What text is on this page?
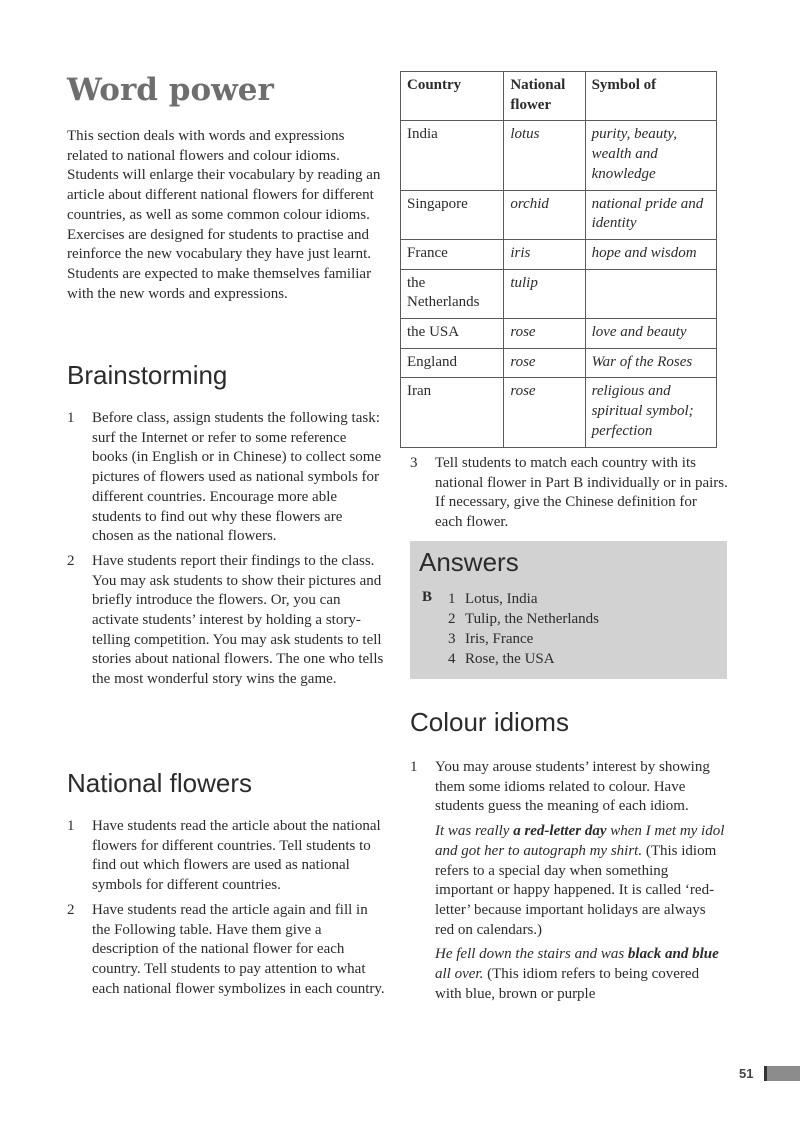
Word power

This section deals with words and expressions related to national flowers and colour idioms. Students will enlarge their vocabulary by reading an article about different national flowers for different countries, as well as some common colour idioms. Exercises are designed for students to practise and reinforce the new vocabulary they have just learnt. Students are expected to make themselves familiar with the new words and expressions.

Brainstorming
1 Before class, assign students the following task: surf the Internet or refer to some reference books (in English or in Chinese) to collect some pictures of flowers used as national symbols for different countries. Encourage more able students to find out why these flowers are chosen as the national flowers.
2 Have students report their findings to the class. You may ask students to show their pictures and briefly introduce the flowers. Or, you can activate students’ interest by holding a story-telling competition. You may ask students to tell stories about national flowers. The one who tells the most wonderful story wins the game.
National flowers
1 Have students read the article about the national flowers for different countries. Tell students to find out which flowers are used as national symbols for different countries.
2 Have students read the article again and fill in the Following table. Have them give a description of the national flower for each country. Tell students to pay attention to what each national flower symbolizes in each country.
Country	National flower	Symbol of
India	lotus	purity, beauty, wealth and knowledge
Singapore	orchid	national pride and identity
France	iris	hope and wisdom
the Netherlands	tulip	
the USA	rose	love and beauty
England	rose	War of the Roses
Iran	rose	religious and spiritual symbol; perfection
3 Tell students to match each country with its national flower in Part B individually or in pairs. If necessary, give the Chinese definition for each flower.
Answers
B 1 Lotus, India
2 Tulip, the Netherlands
3 Iris, France
4 Rose, the USA
Colour idioms
1 You may arouse students’ interest by showing them some idioms related to colour. Have students guess the meaning of each idiom.

It was really a red-letter day when I met my idol and got her to autograph my shirt. (This idiom refers to a special day when something important or happy happened. It is called ‘red-letter’ because important holidays are always red on calendars.)

He fell down the stairs and was black and blue all over. (This idiom refers to being covered with blue, brown or purple

51
